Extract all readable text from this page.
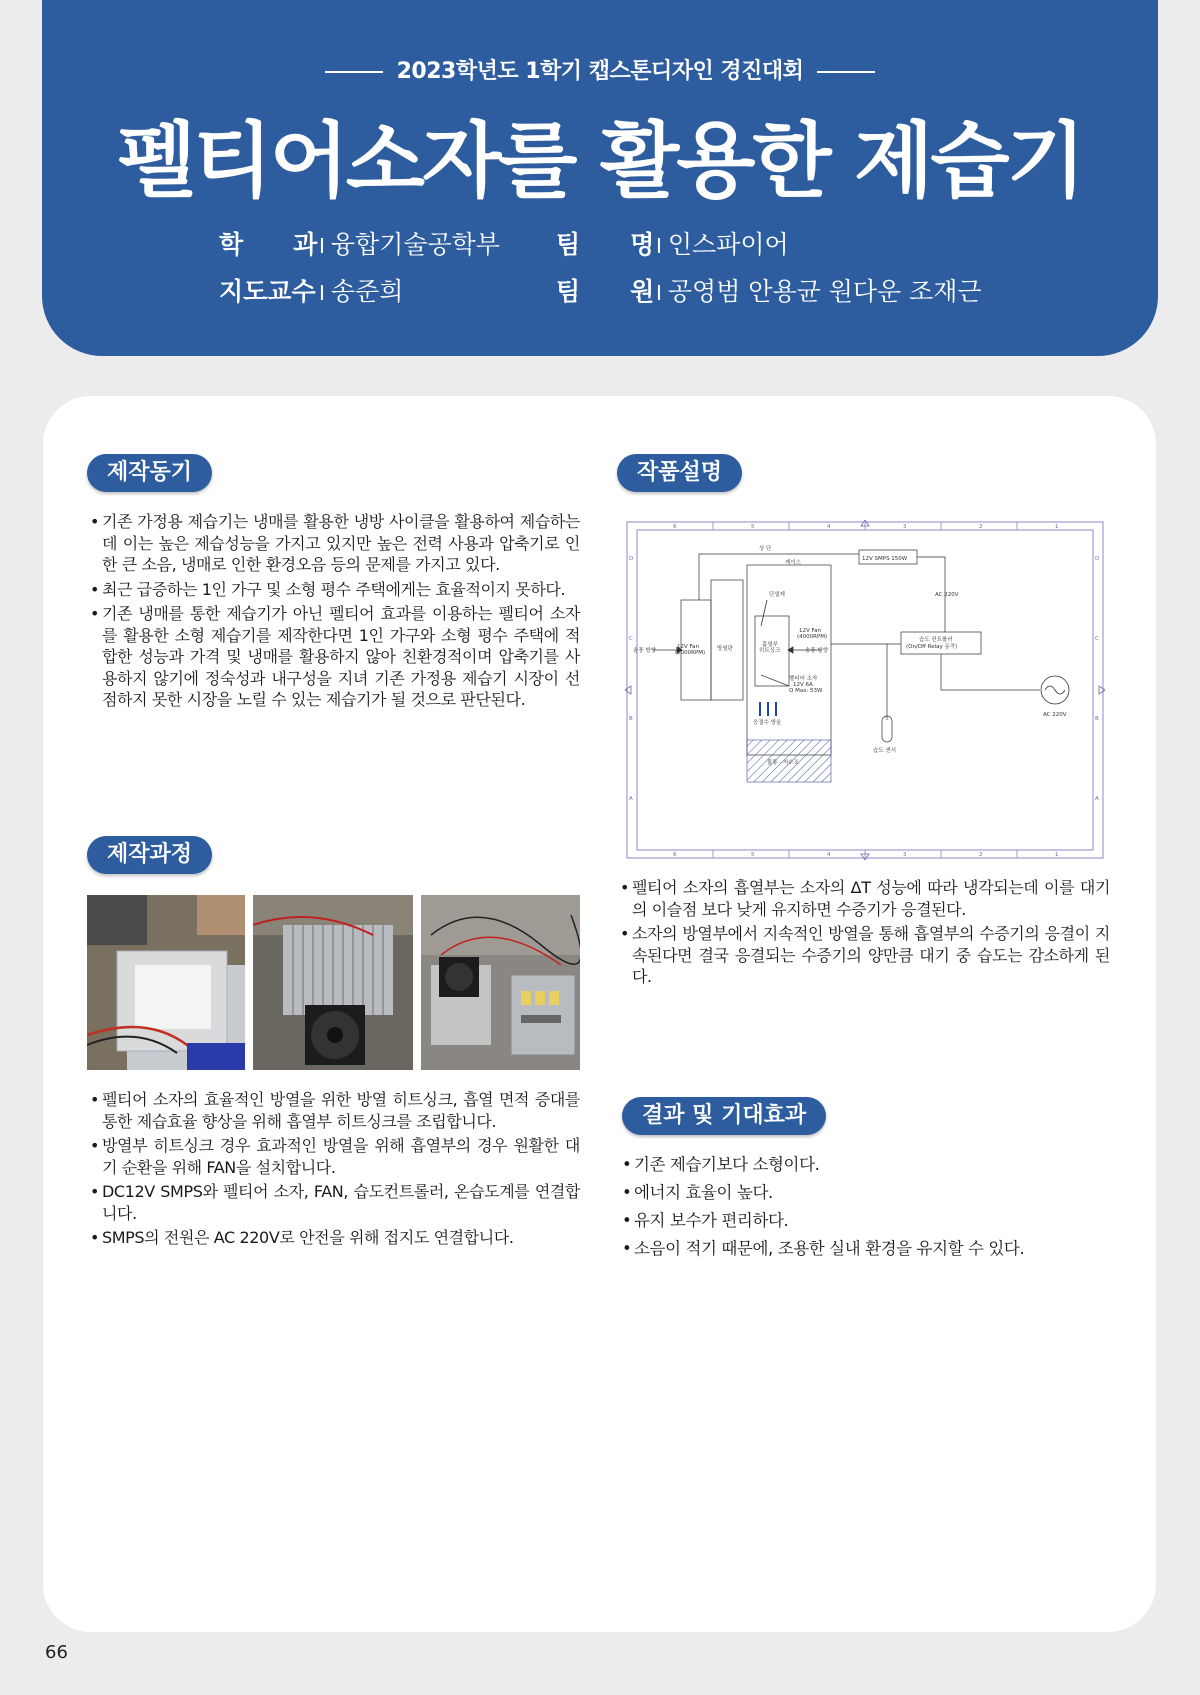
2023학년도 1학기 캡스톤디자인 경진대회
펠티어소자를 활용한 제습기
학　　과I 융합기술공학부
지도교수 I 송준희
팀　　명I 인스파이어
팀　　원I 공영범 안용균 원다운 조재근
제작동기
• 기존 가정용 제습기는 냉매를 활용한 냉방 사이클을 활용하여 제습하는데 이는 높은 제습성능을 가지고 있지만 높은 전력 사용과 압축기로 인한 큰 소음, 냉매로 인한 환경오음 등의 문제를 가지고 있다.
• 최근 급증하는 1인 가구 및 소형 평수 주택에게는 효율적이지 못하다.
• 기존 냉매를 통한 제습기가 아닌 펠티어 효과를 이용하는 펠티어 소자를 활용한 소형 제습기를 제작한다면 1인 가구와 소형 평수 주택에 적합한 성능과 가격 및 냉매를 활용하지 않아 친환경적이며 압축기를 사용하지 않기에 정숙성과 내구성을 지녀 기존 가정용 제습기 시장이 선점하지 못한 시장을 노릴 수 있는 제습기가 될 것으로 판단된다.
작품설명
6	5	4	3	2	1
6	5	4	3	2	1
D
C
B
A
D
C
B
A
12V SMPS 150W
12V Fan
(2000RPM)
12V Fan
(4000RPM)	습도 컨트롤러
(On/Off Relay 동작)
AC 220V
AC 220V
습도 센서
펠티어 소자
12V 6A
Q Max: 53W
흡열부
히트싱크
방열판
단열재
송풍 방향	송풍 방향
물통 · 저수조
케이스
상 단
응결수 방울
• 펠티어 소자의 흡열부는 소자의 ΔT 성능에 따라 냉각되는데 이를 대기의 이슬점 보다 낮게 유지하면 수증기가 응결된다.
• 소자의 방열부에서 지속적인 방열을 통해 흡열부의 수증기의 응결이 지속된다면 결국 응결되는 수증기의 양만큼 대기 중 습도는 감소하게 된다.
제작과정
• 펠티어 소자의 효율적인 방열을 위한 방열 히트싱크, 흡열 면적 증대를 통한 제습효율 향상을 위해 흡열부 히트싱크를 조립합니다.
• 방열부 히트싱크 경우 효과적인 방열을 위해 흡열부의 경우 원활한 대기 순환을 위해 FAN을 설치합니다.
• DC12V SMPS와 펠티어 소자, FAN, 습도컨트롤러, 온습도계를 연결합니다.
• SMPS의 전원은 AC 220V로 안전을 위해 접지도 연결합니다.
결과 및 기대효과
• 기존 제습기보다 소형이다.
• 에너지 효율이 높다.
• 유지 보수가 편리하다.
• 소음이 적기 때문에, 조용한 실내 환경을 유지할 수 있다.
66
